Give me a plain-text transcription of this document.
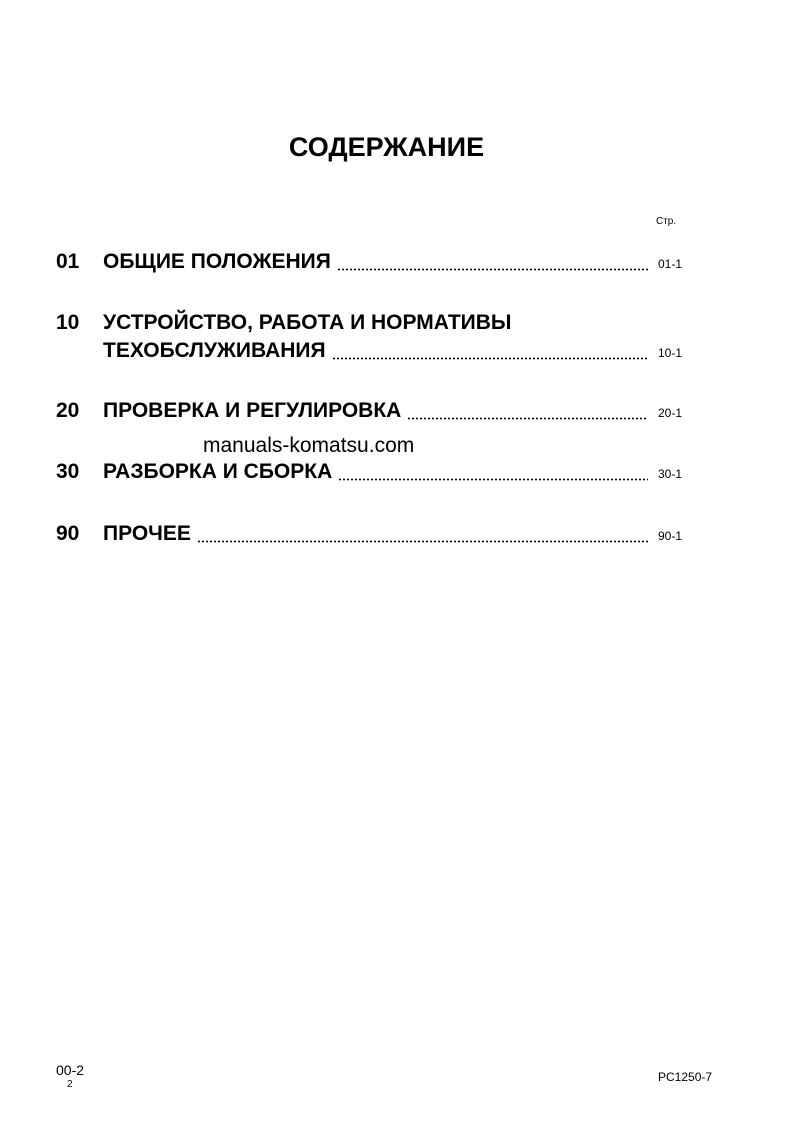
СОДЕРЖАНИЕ
Стр.
01 ОБЩИЕ ПОЛОЖЕНИЯ	01-1
10 УСТРОЙСТВО, РАБОТА И НОРМАТИВЫ
ТЕХОБСЛУЖИВАНИЯ	10-1
20 ПРОВЕРКА И РЕГУЛИРОВКА	20-1
manuals-komatsu.com
30 РАЗБОРКА И СБОРКА	30-1
90 ПРОЧЕЕ	90-1
00-2
2
PC1250-7
